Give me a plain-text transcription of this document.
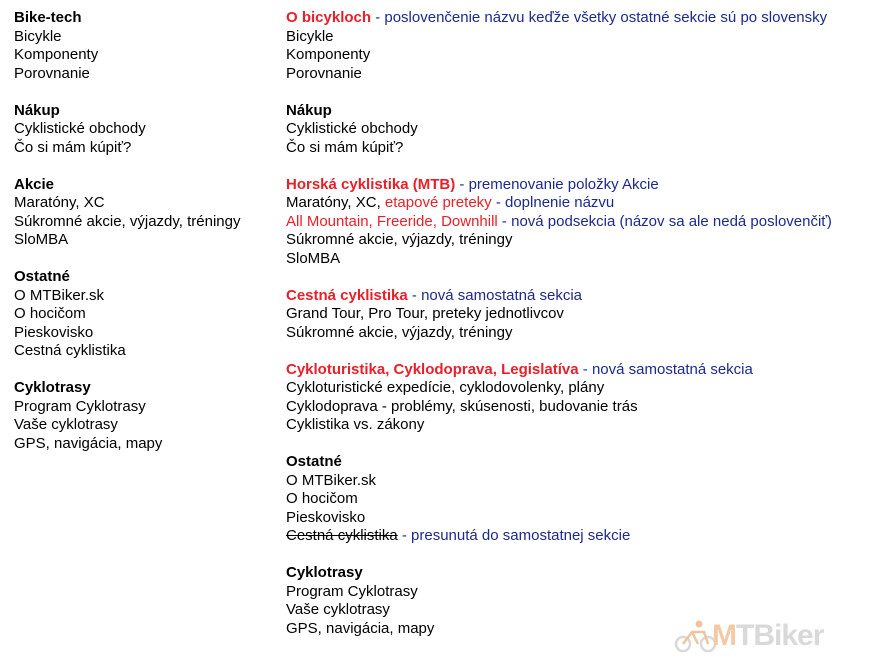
Bike-tech
Bicykle
Komponenty
Porovnanie
Nákup
Cyklistické obchody
Čo si mám kúpiť?
Akcie
Maratóny, XC
Súkromné akcie, výjazdy, tréningy
SloMBA
Ostatné
O MTBiker.sk
O hocičom
Pieskovisko
Cestná cyklistika
Cyklotrasy
Program Cyklotrasy
Vaše cyklotrasy
GPS, navigácia, mapy
O bicykloch - poslovenčenie názvu keďže všetky ostatné sekcie sú po slovensky
Bicykle
Komponenty
Porovnanie
Nákup
Cyklistické obchody
Čo si mám kúpiť?
Horská cyklistika (MTB) - premenovanie položky Akcie
Maratóny, XC, etapové preteky - doplnenie názvu
All Mountain, Freeride, Downhill - nová podsekcia (názov sa ale nedá poslovenčiť)
Súkromné akcie, výjazdy, tréningy
SloMBA
Cestná cyklistika - nová samostatná sekcia
Grand Tour, Pro Tour, preteky jednotlivcov
Súkromné akcie, výjazdy, tréningy
Cykloturistika, Cyklodoprava, Legislatíva - nová samostatná sekcia
Cykloturistické expedície, cyklodovolenky, plány
Cyklodoprava - problémy, skúsenosti, budovanie trás
Cyklistika vs. zákony
Ostatné
O MTBiker.sk
O hocičom
Pieskovisko
Cestná cyklistika - presunutá do samostatnej sekcie
Cyklotrasy
Program Cyklotrasy
Vaše cyklotrasy
GPS, navigácia, mapy	MTBiker
